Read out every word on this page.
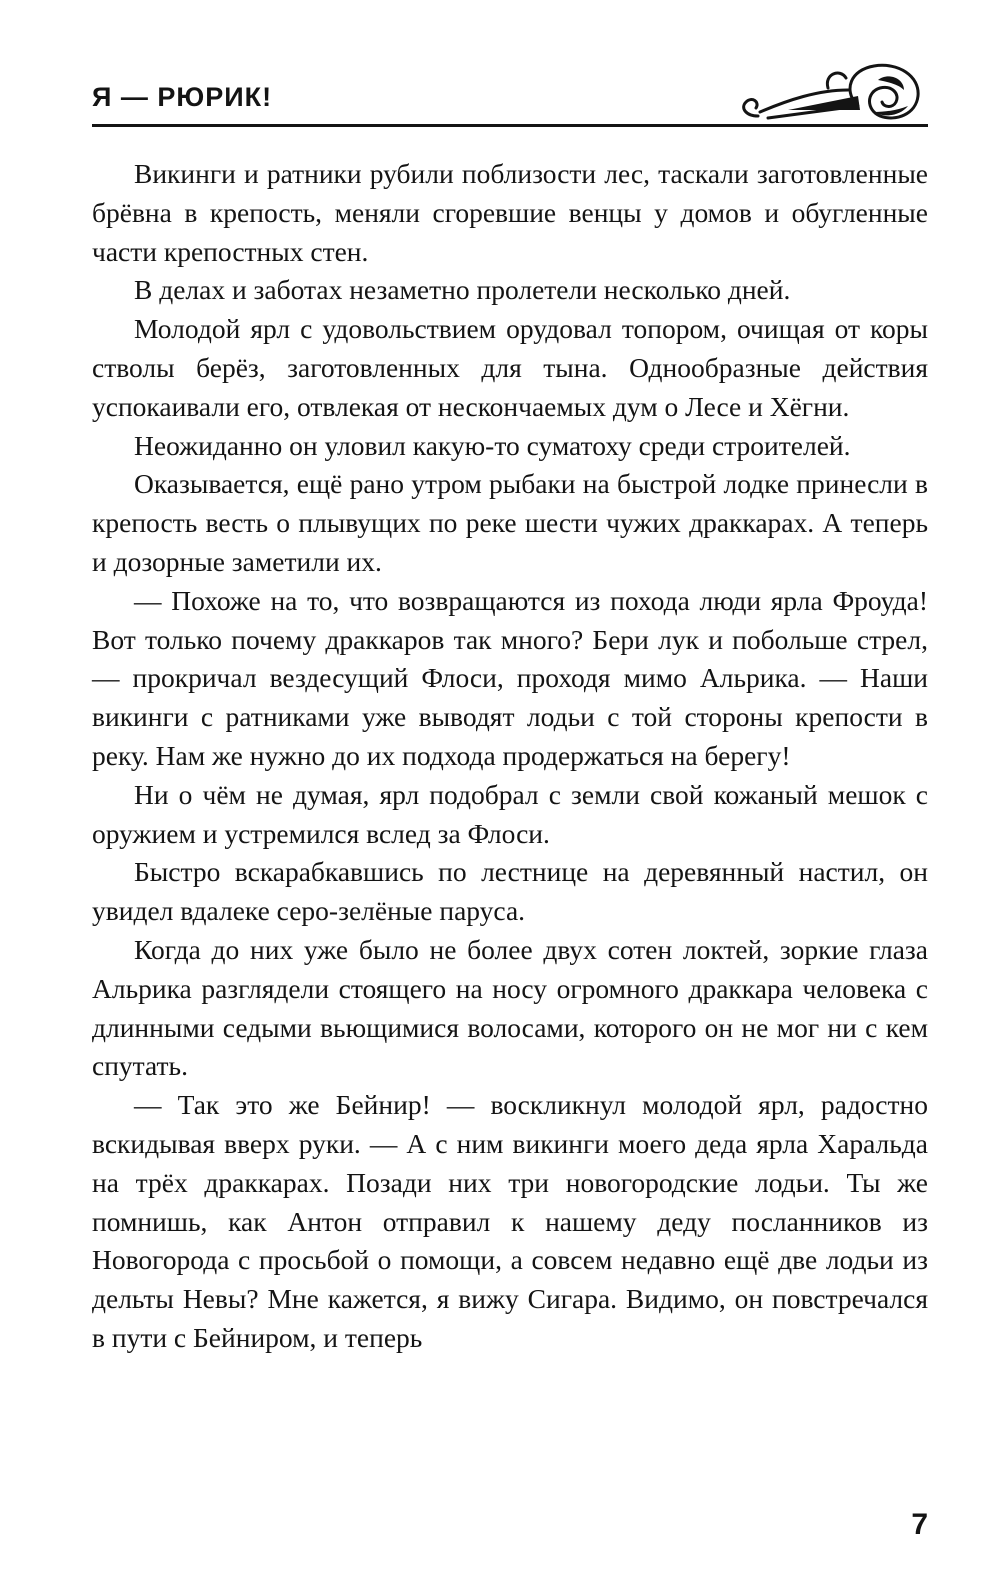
Я — РЮРИК!

Викинги и ратники рубили поблизости лес, таскали заготовленные брёвна в крепость, меняли сгоревшие венцы у домов и обугленные части крепостных стен.

В делах и заботах незаметно пролетели несколько дней.

Молодой ярл с удовольствием орудовал топором, очищая от коры стволы берёз, заготовленных для тына. Однообразные действия успокаивали его, отвлекая от нескончаемых дум о Лесе и Хёгни.

Неожиданно он уловил какую-то суматоху среди строителей.

Оказывается, ещё рано утром рыбаки на быстрой лодке принесли в крепость весть о плывущих по реке шести чужих драккарах. А теперь и дозорные заметили их.

— Похоже на то, что возвращаются из похода люди ярла Фроуда! Вот только почему драккаров так много? Бери лук и побольше стрел, — прокричал вездесущий Флоси, проходя мимо Альрика. — Наши викинги с ратниками уже выводят лодьи с той стороны крепости в реку. Нам же нужно до их подхода продержаться на берегу!

Ни о чём не думая, ярл подобрал с земли свой кожаный мешок с оружием и устремился вслед за Флоси.

Быстро вскарабкавшись по лестнице на деревянный настил, он увидел вдалеке серо-зелёные паруса.

Когда до них уже было не более двух сотен локтей, зоркие глаза Альрика разглядели стоящего на носу огромного драккара человека с длинными седыми вьющимися волосами, которого он не мог ни с кем спутать.

— Так это же Бейнир! — воскликнул молодой ярл, радостно вскидывая вверх руки. — А с ним викинги моего деда ярла Харальда на трёх драккарах. Позади них три новогородские лодьи. Ты же помнишь, как Антон отправил к нашему деду посланников из Новогорода с просьбой о помощи, а совсем недавно ещё две лодьи из дельты Невы? Мне кажется, я вижу Сигара. Видимо, он повстречался в пути с Бейниром, и теперь

7
